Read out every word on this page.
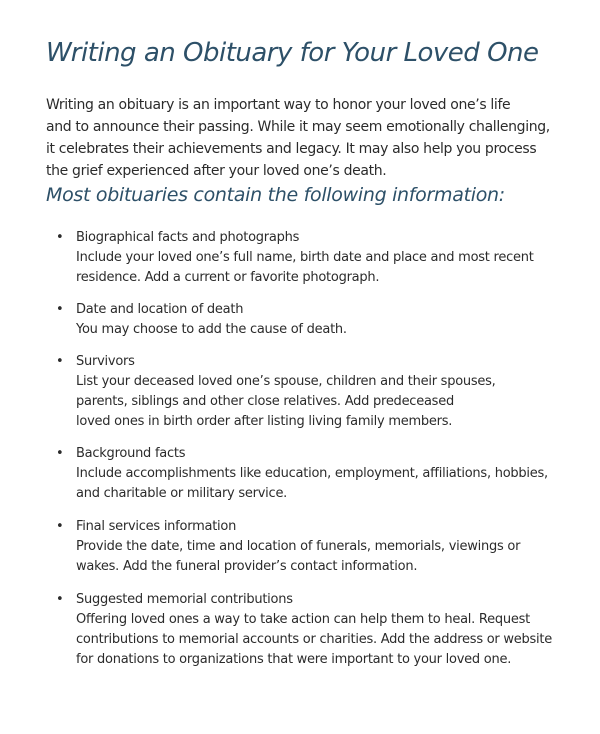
Writing an Obituary for Your Loved One
Writing an obituary is an important way to honor your loved one’s life
and to announce their passing. While it may seem emotionally challenging,
it celebrates their achievements and legacy. It may also help you process
the grief experienced after your loved one’s death.
Most obituaries contain the following information:
• Biographical facts and photographs
Include your loved one’s full name, birth date and place and most recent
residence. Add a current or favorite photograph.
• Date and location of death
You may choose to add the cause of death.
• Survivors
List your deceased loved one’s spouse, children and their spouses,
parents, siblings and other close relatives. Add predeceased
loved ones in birth order after listing living family members.
• Background facts
Include accomplishments like education, employment, affiliations, hobbies,
and charitable or military service.
• Final services information
Provide the date, time and location of funerals, memorials, viewings or
wakes. Add the funeral provider’s contact information.
• Suggested memorial contributions
Offering loved ones a way to take action can help them to heal. Request
contributions to memorial accounts or charities. Add the address or website
for donations to organizations that were important to your loved one.
